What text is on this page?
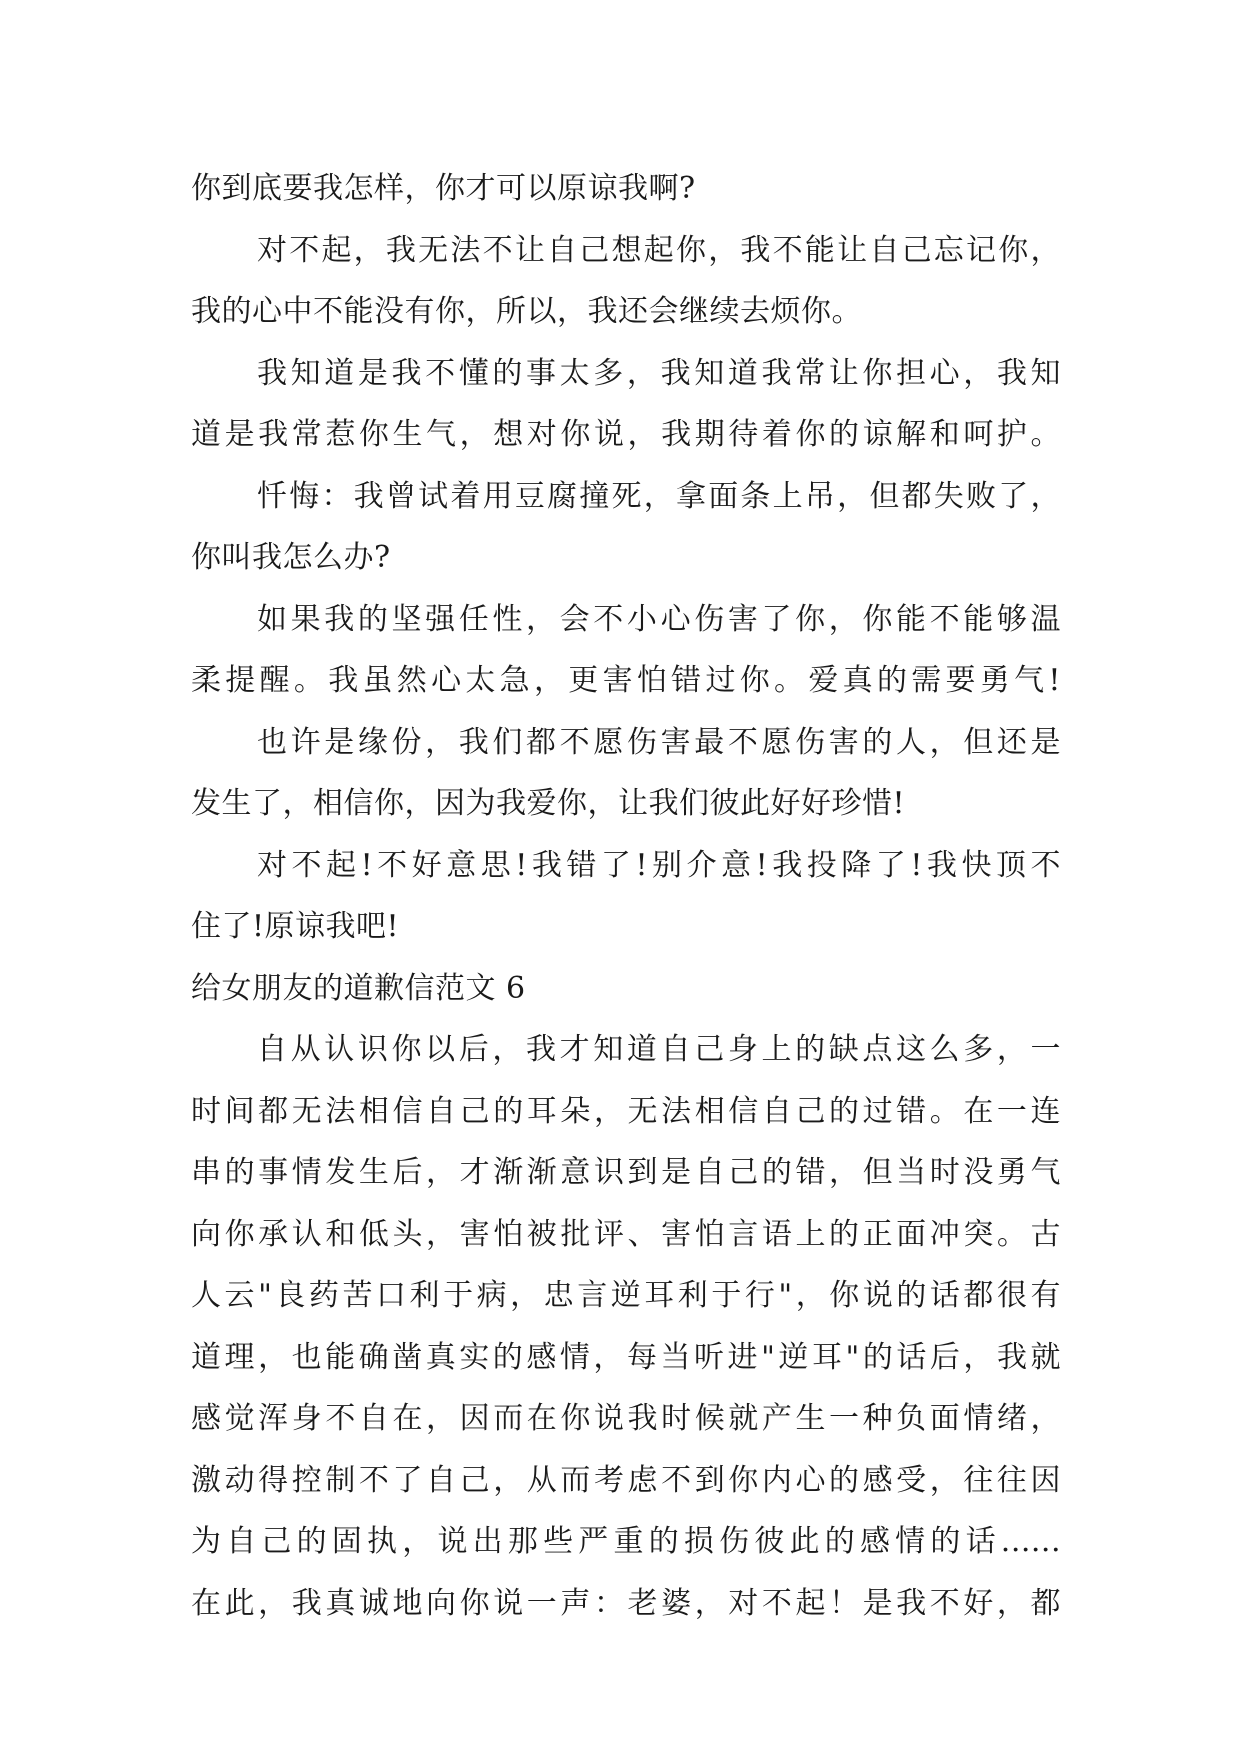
你到底要我怎样，你才可以原谅我啊?
对不起，我无法不让自己想起你，我不能让自己忘记你，
我的心中不能没有你，所以，我还会继续去烦你。
我知道是我不懂的事太多，我知道我常让你担心，我知
道是我常惹你生气，想对你说，我期待着你的谅解和呵护。
忏悔：我曾试着用豆腐撞死，拿面条上吊，但都失败了，
你叫我怎么办?
如果我的坚强任性，会不小心伤害了你，你能不能够温
柔提醒。我虽然心太急，更害怕错过你。爱真的需要勇气!
也许是缘份，我们都不愿伤害最不愿伤害的人，但还是
发生了，相信你，因为我爱你，让我们彼此好好珍惜!
对不起!不好意思!我错了!别介意!我投降了!我快顶不
住了!原谅我吧!
给女朋友的道歉信范文 6
自从认识你以后，我才知道自己身上的缺点这么多，一
时间都无法相信自己的耳朵，无法相信自己的过错。在一连
串的事情发生后，才渐渐意识到是自己的错，但当时没勇气
向你承认和低头，害怕被批评、害怕言语上的正面冲突。古
人云"良药苦口利于病，忠言逆耳利于行"，你说的话都很有
道理，也能确凿真实的感情，每当听进"逆耳"的话后，我就
感觉浑身不自在，因而在你说我时候就产生一种负面情绪，
激动得控制不了自己，从而考虑不到你内心的感受，往往因
为自己的固执，说出那些严重的损伤彼此的感情的话......
在此，我真诚地向你说一声：老婆，对不起！是我不好，都
